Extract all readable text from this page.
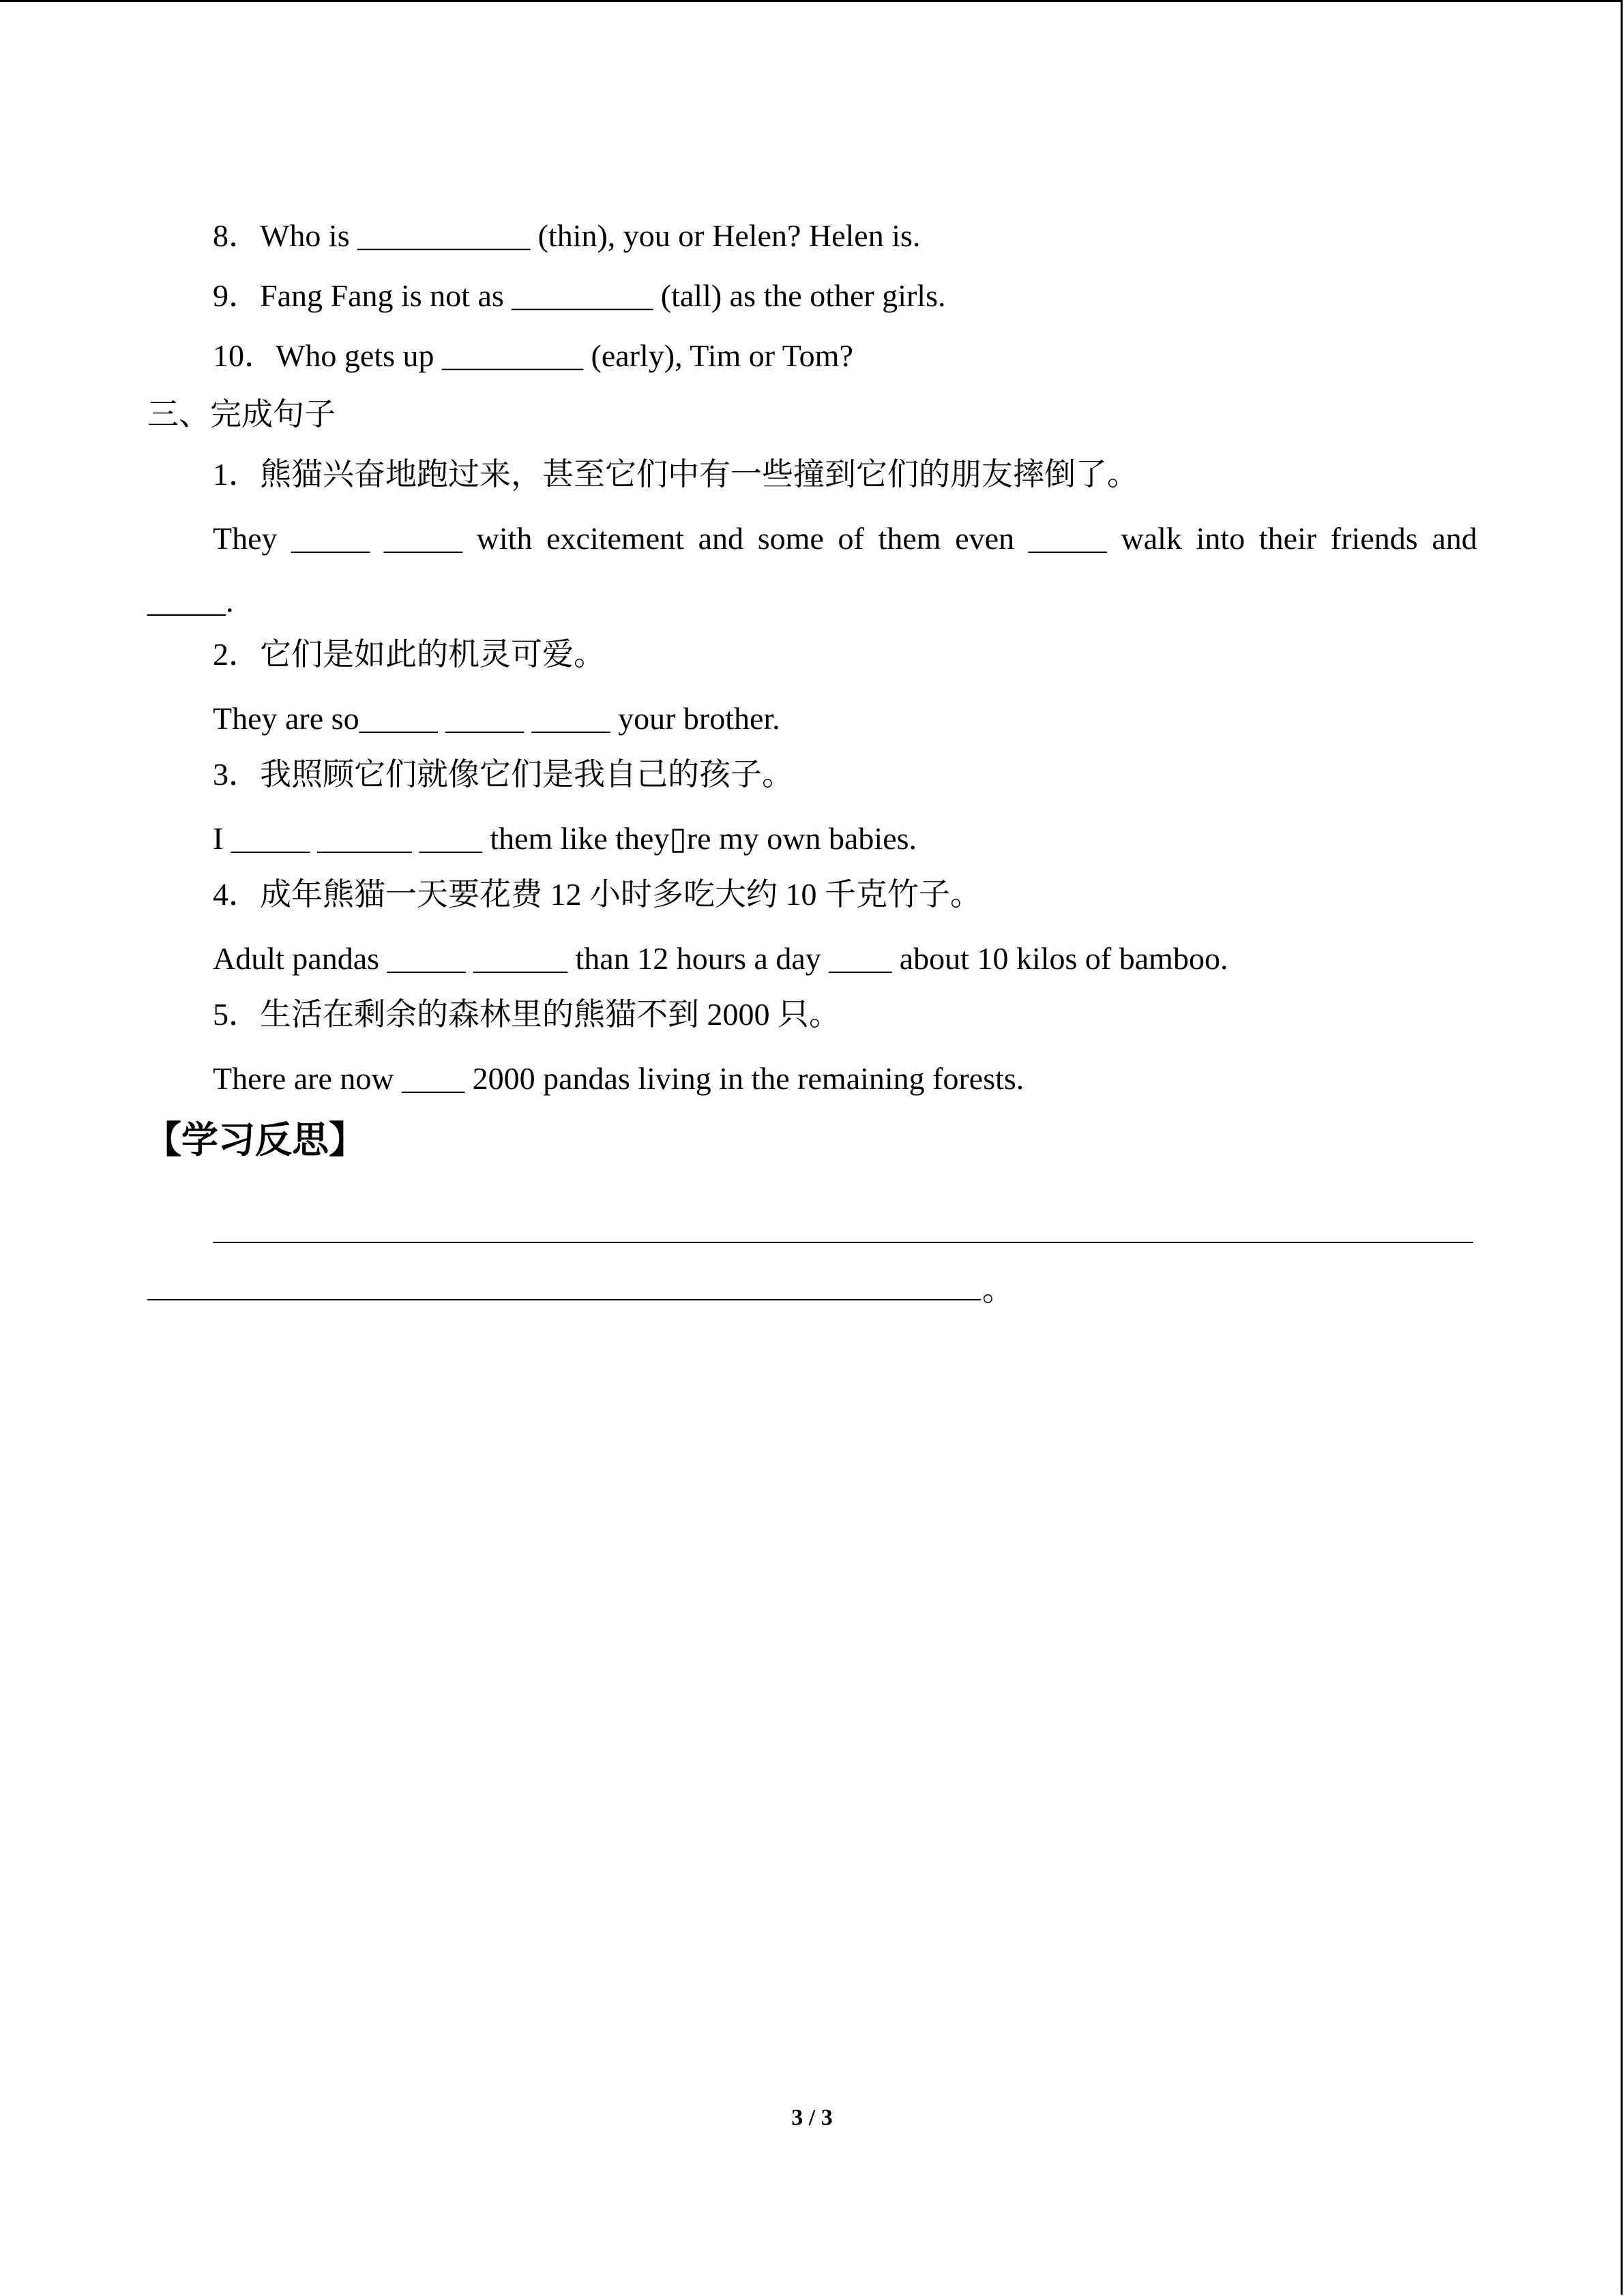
8．Who is ___________ (thin), you or Helen? Helen is.
9．Fang Fang is not as _________ (tall) as the other girls.
10．Who gets up _________ (early), Tim or Tom?
三、完成句子
1．熊猫兴奋地跑过来，甚至它们中有一些撞到它们的朋友摔倒了。
They _____ _____ with excitement and some of them even _____ walk into their friends and
_____.
2．它们是如此的机灵可爱。
They are so_____ _____ _____ your brother.
3．我照顾它们就像它们是我自己的孩子。
I _____ ______ ____ them like they▯re my own babies.
4．成年熊猫一天要花费 12 小时多吃大约 10 千克竹子。
Adult pandas _____ ______ than 12 hours a day ____ about 10 kilos of bamboo.
5．生活在剩余的森林里的熊猫不到 2000 只。
There are now ____ 2000 pandas living in the remaining forests.
【学习反思】
。
3 / 3
